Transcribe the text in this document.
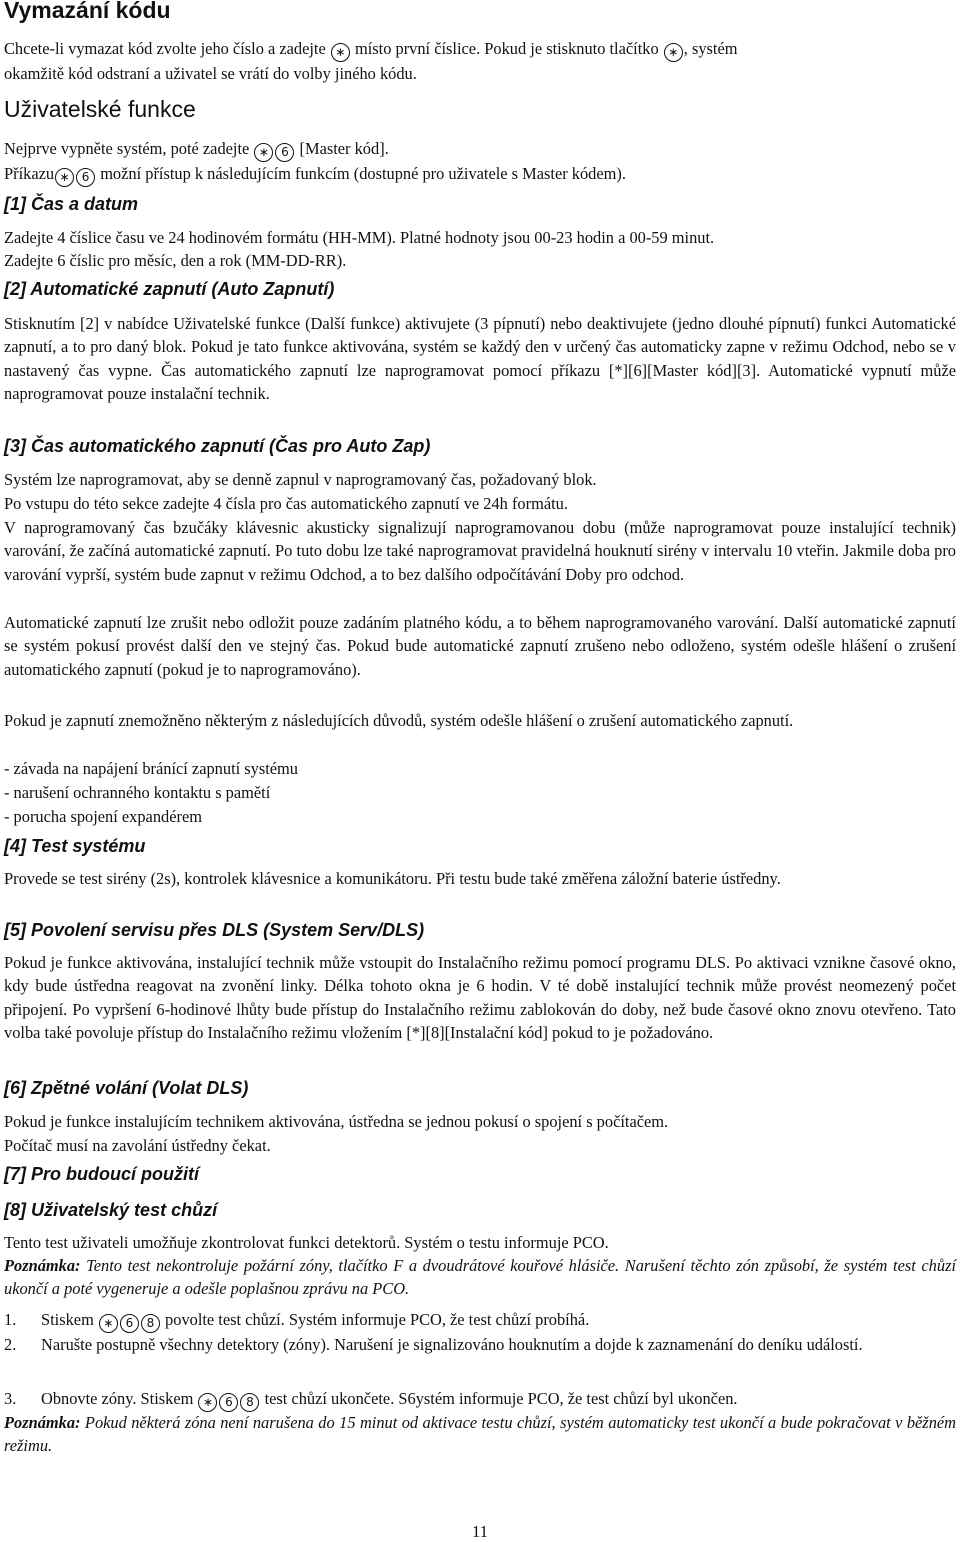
Vymazání kódu

Chcete-li vymazat kód zvolte jeho číslo a zadejte ∗ místo první číslice. Pokud je stisknuto tlačítko ∗ , systém
okamžitě kód odstraní a uživatel se vrátí do volby jiného kódu.

Uživatelské funkce

Nejprve vypněte systém, poté zadejte ∗ 6 [Master kód].
Příkazu ∗ 6 možní přístup k následujícím funkcím (dostupné pro uživatele s Master kódem).

[1] Čas a datum

Zadejte 4 číslice času ve 24 hodinovém formátu (HH-MM). Platné hodnoty jsou 00-23 hodin a 00-59 minut.

Zadejte 6 číslic pro měsíc, den a rok (MM-DD-RR).

[2] Automatické zapnutí (Auto Zapnutí)

Stisknutím [2] v nabídce Uživatelské funkce (Další funkce) aktivujete (3 pípnutí) nebo deaktivujete (jedno dlouhé pípnutí) funkci Automatické zapnutí, a to pro daný blok. Pokud je tato funkce aktivována, systém se každý den v určený čas automaticky zapne v režimu Odchod, nebo se v nastavený čas vypne. Čas automatického zapnutí lze naprogramovat pomocí příkazu [*][6][Master kód][3]. Automatické vypnutí může naprogramovat pouze instalační technik.

[3] Čas automatického zapnutí (Čas pro Auto Zap)

Systém lze naprogramovat, aby se denně zapnul v naprogramovaný čas, požadovaný blok.

Po vstupu do této sekce zadejte 4 čísla pro čas automatického zapnutí ve 24h formátu.

V naprogramovaný čas bzučáky klávesnic akusticky signalizují naprogramovanou dobu (může naprogramovat pouze instalující technik) varování, že začíná automatické zapnutí. Po tuto dobu lze také naprogramovat pravidelná houknutí sirény v intervalu 10 vteřin. Jakmile doba pro varování vyprší, systém bude zapnut v režimu Odchod, a to bez dalšího odpočítávání Doby pro odchod.

Automatické zapnutí lze zrušit nebo odložit pouze zadáním platného kódu, a to během naprogramovaného varování. Další automatické zapnutí se systém pokusí provést další den ve stejný čas. Pokud bude automatické zapnutí zrušeno nebo odloženo, systém odešle hlášení o zrušení automatického zapnutí (pokud je to naprogramováno).

Pokud je zapnutí znemožněno některým z následujících důvodů, systém odešle hlášení o zrušení automatického zapnutí.

- závada na napájení bránící zapnutí systému

- narušení ochranného kontaktu s pamětí

- porucha spojení expandérem

[4] Test systému

Provede se test sirény (2s), kontrolek klávesnice a komunikátoru. Při testu bude také změřena záložní baterie ústředny.

[5] Povolení servisu přes DLS (System Serv/DLS)

Pokud je funkce aktivována, instalující technik může vstoupit do Instalačního režimu pomocí programu DLS. Po aktivaci vznikne časové okno, kdy bude ústředna reagovat na zvonění linky. Délka tohoto okna je 6 hodin. V té době instalující technik může provést neomezený počet připojení. Po vypršení 6-hodinové lhůty bude přístup do Instalačního režimu zablokován do doby, než bude časové okno znovu otevřeno. Tato volba také povoluje přístup do Instalačního režimu vložením [*][8][Instalační kód] pokud to je požadováno.

[6] Zpětné volání (Volat DLS)

Pokud je funkce instalujícím technikem aktivována, ústředna se jednou pokusí o spojení s počítačem.

Počítač musí na zavolání ústředny čekat.

[7] Pro budoucí použití
[8] Uživatelský test chůzí

Tento test uživateli umožňuje zkontrolovat funkci detektorů. Systém o testu informuje PCO.

Poznámka: Tento test nekontroluje požární zóny, tlačítko F a dvoudrátové kouřové hlásiče. Narušení těchto zón způsobí, že systém test chůzí ukončí a poté vygeneruje a odešle poplašnou zprávu na PCO.

1. Stiskem ∗ 6 8 povolte test chůzí. Systém informuje PCO, že test chůzí probíhá.
2. Narušte postupně všechny detektory (zóny). Narušení je signalizováno houknutím a dojde k zaznamenání do deníku událostí.
3. Obnovte zóny. Stiskem ∗ 6 8 test chůzí ukončete. S6ystém informuje PCO, že test chůzí byl ukončen.

Poznámka: Pokud některá zóna není narušena do 15 minut od aktivace testu chůzí, systém automaticky test ukončí a bude pokračovat v běžném režimu.

11
